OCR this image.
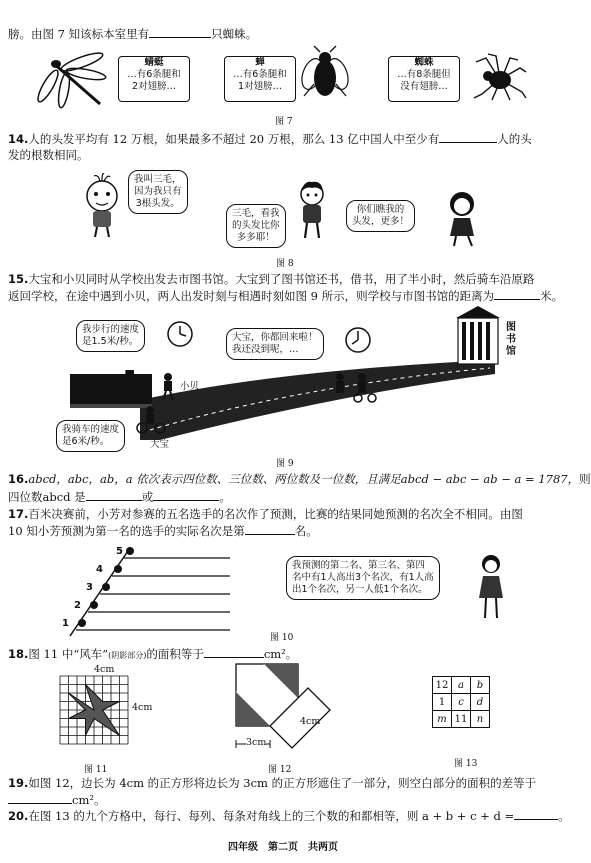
膀。由图 7 知该标本室里有	只蜘蛛。
蜻蜓
…有6条腿和
2对翅膀…
蝉
…有6条腿和
1对翅膀…
蜘蛛
…有8条腿但
没有翅膀…
图 7
14.人的头发平均有 12 万根，如果最多不超过 20 万根，那么 13 亿中国人中至少有	人的头
发的根数相同。
我叫三毛，
因为我只有
3根头发。
三毛，看我
的头发比你
多多耶！
你们瞧我的
头发，更多！
图 8
15.大宝和小贝同时从学校出发去市图书馆。大宝到了图书馆还书，借书，用了半小时，然后骑车沿原路
返回学校，在途中遇到小贝，两人出发时刻与相遇时刻如图 9 所示，则学校与市图书馆的距离为	米。
我步行的速度
是1.5米/秒。	大宝，你都回来啦！
我还没到呢，…
图
书
馆
小贝
我骑车的速度
是6米/秒。	大宝
图 9
16.abcd，abc，ab，a 依次表示四位数、三位数、两位数及一位数，且满足abcd − abc − ab − a = 1787，则
四位数abcd 是	或	。
17.百米决赛前，小芳对参赛的五名选手的名次作了预测，比赛的结果同她预测的名次全不相同。由图
10 知小芳预测为第一名的选手的实际名次是第	名。
5
4
3
2
1
我预测的第二名、第三名、第四
名中有1人高出3个名次，有1人高
出1个名次，另一人低1个名次。
图 10
18.图 11 中“风车”(阴影部分)的面积等于	cm²。
4cm
4cm
图 11
4cm
3cm
图 12
12	a	b
1	c	d
m	11	n
图 13
19.如图 12，边长为 4cm 的正方形将边长为 3cm 的正方形遮住了一部分，则空白部分的面积的差等于
cm²。
20.在图 13 的九个方格中，每行、每列、每条对角线上的三个数的和都相等，则 a + b + c + d =	。
四年级　第二页　共两页
